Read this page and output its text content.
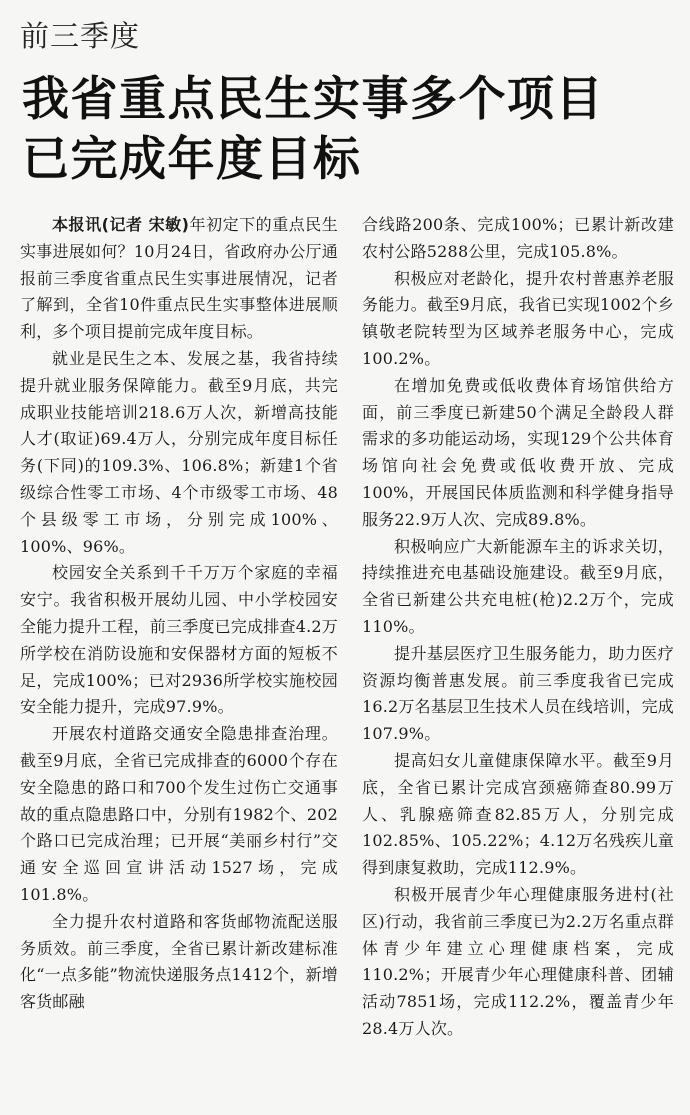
前三季度
我省重点民生实事多个项目
已完成年度目标

本报讯(记者 宋敏)年初定下的重点民生实事进展如何？10月24日，省政府办公厅通报前三季度省重点民生实事进展情况，记者了解到，全省10件重点民生实事整体进展顺利，多个项目提前完成年度目标。

就业是民生之本、发展之基，我省持续提升就业服务保障能力。截至9月底，共完成职业技能培训218.6万人次，新增高技能人才(取证)69.4万人，分别完成年度目标任务(下同)的109.3%、106.8%；新建1个省级综合性零工市场、4个市级零工市场、48个县级零工市场，分别完成100%、100%、96%。

校园安全关系到千千万万个家庭的幸福安宁。我省积极开展幼儿园、中小学校园安全能力提升工程，前三季度已完成排查4.2万所学校在消防设施和安保器材方面的短板不足，完成100%；已对2936所学校实施校园安全能力提升，完成97.9%。

开展农村道路交通安全隐患排查治理。截至9月底，全省已完成排查的6000个存在安全隐患的路口和700个发生过伤亡交通事故的重点隐患路口中，分别有1982个、202个路口已完成治理；已开展“美丽乡村行”交通安全巡回宣讲活动1527场，完成101.8%。

全力提升农村道路和客货邮物流配送服务质效。前三季度，全省已累计新改建标准化“一点多能”物流快递服务点1412个，新增客货邮融

合线路200条、完成100%；已累计新改建农村公路5288公里，完成105.8%。

积极应对老龄化，提升农村普惠养老服务能力。截至9月底，我省已实现1002个乡镇敬老院转型为区域养老服务中心，完成100.2%。

在增加免费或低收费体育场馆供给方面，前三季度已新建50个满足全龄段人群需求的多功能运动场，实现129个公共体育场馆向社会免费或低收费开放、完成100%，开展国民体质监测和科学健身指导服务22.9万人次、完成89.8%。

积极响应广大新能源车主的诉求关切，持续推进充电基础设施建设。截至9月底，全省已新建公共充电桩(枪)2.2万个，完成110%。

提升基层医疗卫生服务能力，助力医疗资源均衡普惠发展。前三季度我省已完成16.2万名基层卫生技术人员在线培训，完成107.9%。

提高妇女儿童健康保障水平。截至9月底，全省已累计完成宫颈癌筛查80.99万人、乳腺癌筛查82.85万人，分别完成102.85%、105.22%；4.12万名残疾儿童得到康复救助，完成112.9%。

积极开展青少年心理健康服务进村(社区)行动，我省前三季度已为2.2万名重点群体青少年建立心理健康档案，完成110.2%；开展青少年心理健康科普、团辅活动7851场，完成112.2%，覆盖青少年28.4万人次。
